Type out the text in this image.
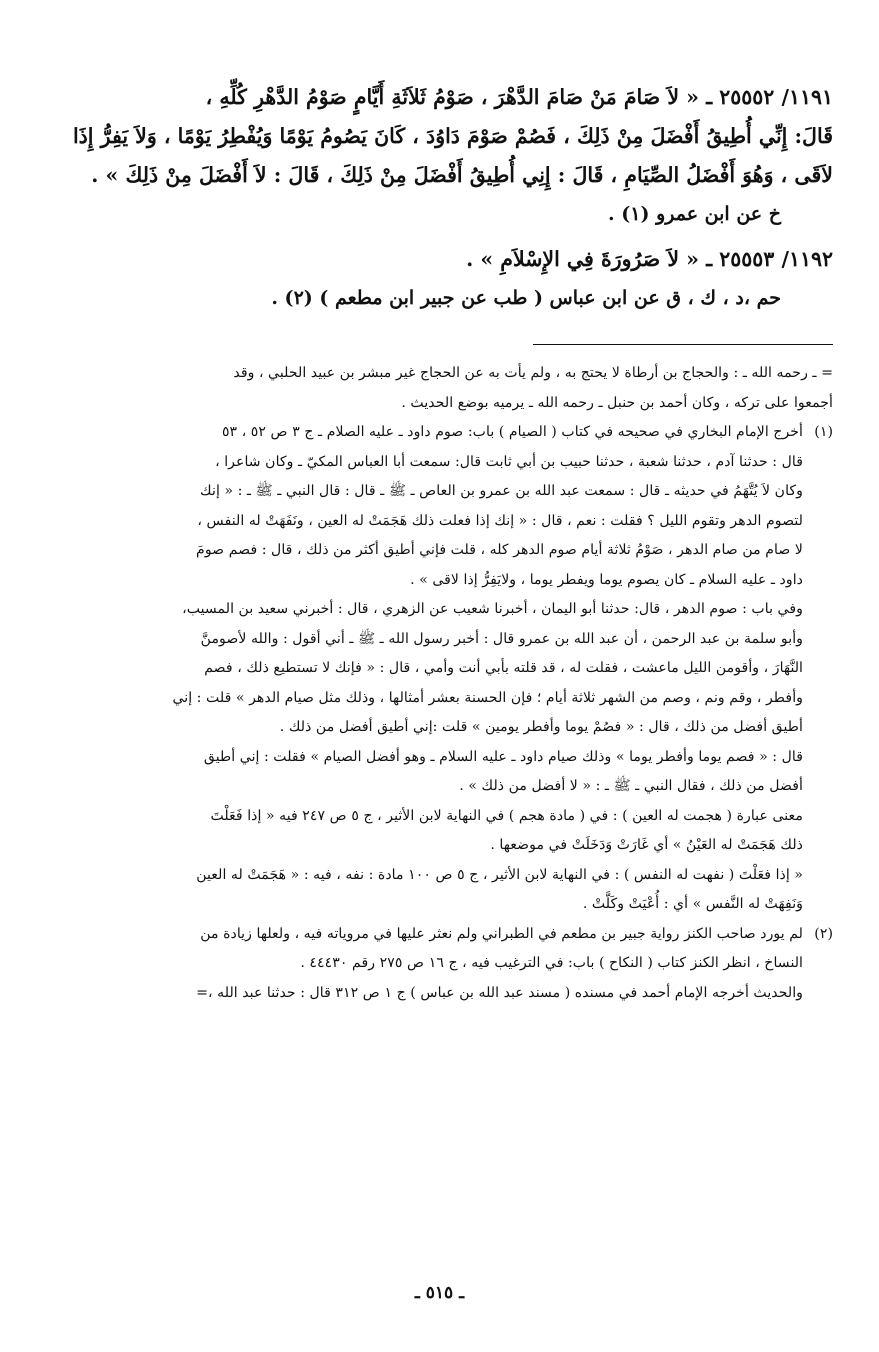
١١٩١/ ٢٥٥٥٢ ـ « لاَ صَامَ مَنْ صَامَ الدَّهْرَ ، صَوْمُ ثَلاَثَةِ أَيَّامٍ صَوْمُ الدَّهْرِ كُلِّهِ ،

قَالَ: إِنِّي أُطِيقُ أَفْضَلَ مِنْ ذَلِكَ ، فَصُمْ صَوْمَ دَاوُدَ ، كَانَ يَصُومُ يَوْمًا وَيُفْطِرُ يَوْمًا ، وَلاَ يَفِرُّ إِذَا

لاَقَى ، وَهُوَ أَفْضَلُ الصِّيَامِ ، قَالَ : إِنِي أُطِيقُ أَفْضَلَ مِنْ ذَلِكَ ، قَالَ : لاَ أَفْضَلَ مِنْ ذَلِكَ » .

خ عن ابن عمرو (١) .

١١٩٢/ ٢٥٥٥٣ ـ « لاَ صَرُورَةَ فِي الإِسْلاَمِ » .

حم ،د ، ك ، ق عن ابن عباس ( طب عن جبير ابن مطعم ) (٢) .

= ـ رحمه الله ـ : والحجاج بن أرطاة لا يحتج به ، ولم يأت به عن الحجاج غير مبشر بن عبيد الحلبي ، وقد

أجمعوا على تركه ، وكان أحمد بن حنبل ـ رحمه الله ـ يرميه بوضع الحديث .

(١)

أخرج الإمام البخاري في صحيحه في كتاب ( الصيام ) باب: صوم داود ـ عليه الصلام ـ ج ٣ ص ٥٢ ، ٥٣

قال : حدثنا آدم ، حدثنا شعبة ، حدثنا حبيب بن أبي ثابت قال: سمعت أبا العباس المكيّ ـ وكان شاعرا ،

وكان لاَ يُتَّهَمُ في حديثه ـ قال : سمعت عبد الله بن عمرو بن العاص ـ ﷺ ـ قال : قال النبي ـ ﷺ ـ : « إنك

لتصوم الدهر وتقوم الليل ؟ فقلت : نعم ، قال : « إنك إذا فعلت ذلك هَجَمَتْ له العين ، ونَفَهَتْ له النفس ،

لا صام من صام الدهر ، صَوْمُ ثلاثة أيام صوم الدهر كله ، قلت فإني أطيق أكثر من ذلك ، قال : فصم صومَ

داود ـ عليه السلام ـ كان يصوم يوما ويفطر يوما ، ولايَفِرُّ إذا لاقى » .

وفي باب : صوم الدهر ، قال: حدثنا أبو اليمان ، أخبرنا شعيب عن الزهري ، قال : أخبرني سعيد بن المسيب،

وأبو سلمة بن عبد الرحمن ، أن عبد الله بن عمرو قال : أخبر رسول الله ـ ﷺ ـ أني أقول : والله لأصومنَّ

النَّهَارَ ، وأقومن الليل ماعشت ، فقلت له ، قد قلته بأبي أنت وأمي ، قال : « فإنك لا تستطيع ذلك ، فصم

وأفطر ، وقم ونم ، وصم من الشهر ثلاثة أيام ؛ فإن الحسنة بعشر أمثالها ، وذلك مثل صيام الدهر » قلت : إني

أطيق أفضل من ذلك ، قال : « فصُمْ يوما وأفطر يومين » قلت :إني أطيق أفضل من ذلك .

قال : « فصم يوما وأفطر يوما » وذلك صيام داود ـ عليه السلام ـ وهو أفضل الصيام » فقلت : إني أطيق

أفضل من ذلك ، فقال النبي ـ ﷺ ـ : « لا أفضل من ذلك » .

معنى عبارة ( هجمت له العين ) : في ( مادة هجم ) في النهاية لابن الأثير ، ج ٥ ص ٢٤٧ فيه « إذا فَعَلْتَ

ذلك هَجَمَتْ له العَيْنُ » أي غَارَتْ وَدَخَلَتْ في موضعها .

« إذا فعَلْتَ ( نفهت له النفس ) : في النهاية لابن الأثير ، ج ٥ ص ١٠٠ مادة : نفه ، فيه : « هَجَمَتْ له العين

وَنَفِهَتْ له النَّفس » أي : أُعْيَتْ وكَلَّتْ .

(٢)

لم يورد صاحب الكنز رواية جبير بن مطعم في الطبراني ولم نعثر عليها في مروياته فيه ، ولعلها زيادة من

النساخ ، انظر الكنز كتاب ( النكاح ) باب: في الترغيب فيه ، ج ١٦ ص ٢٧٥ رقم ٤٤٤٣٠ .

والحديث أخرجه الإمام أحمد في مسنده ( مسند عبد الله بن عباس ) ج ١ ص ٣١٢ قال : حدثنا عبد الله ،=

ـ ٥١٥ ـ
